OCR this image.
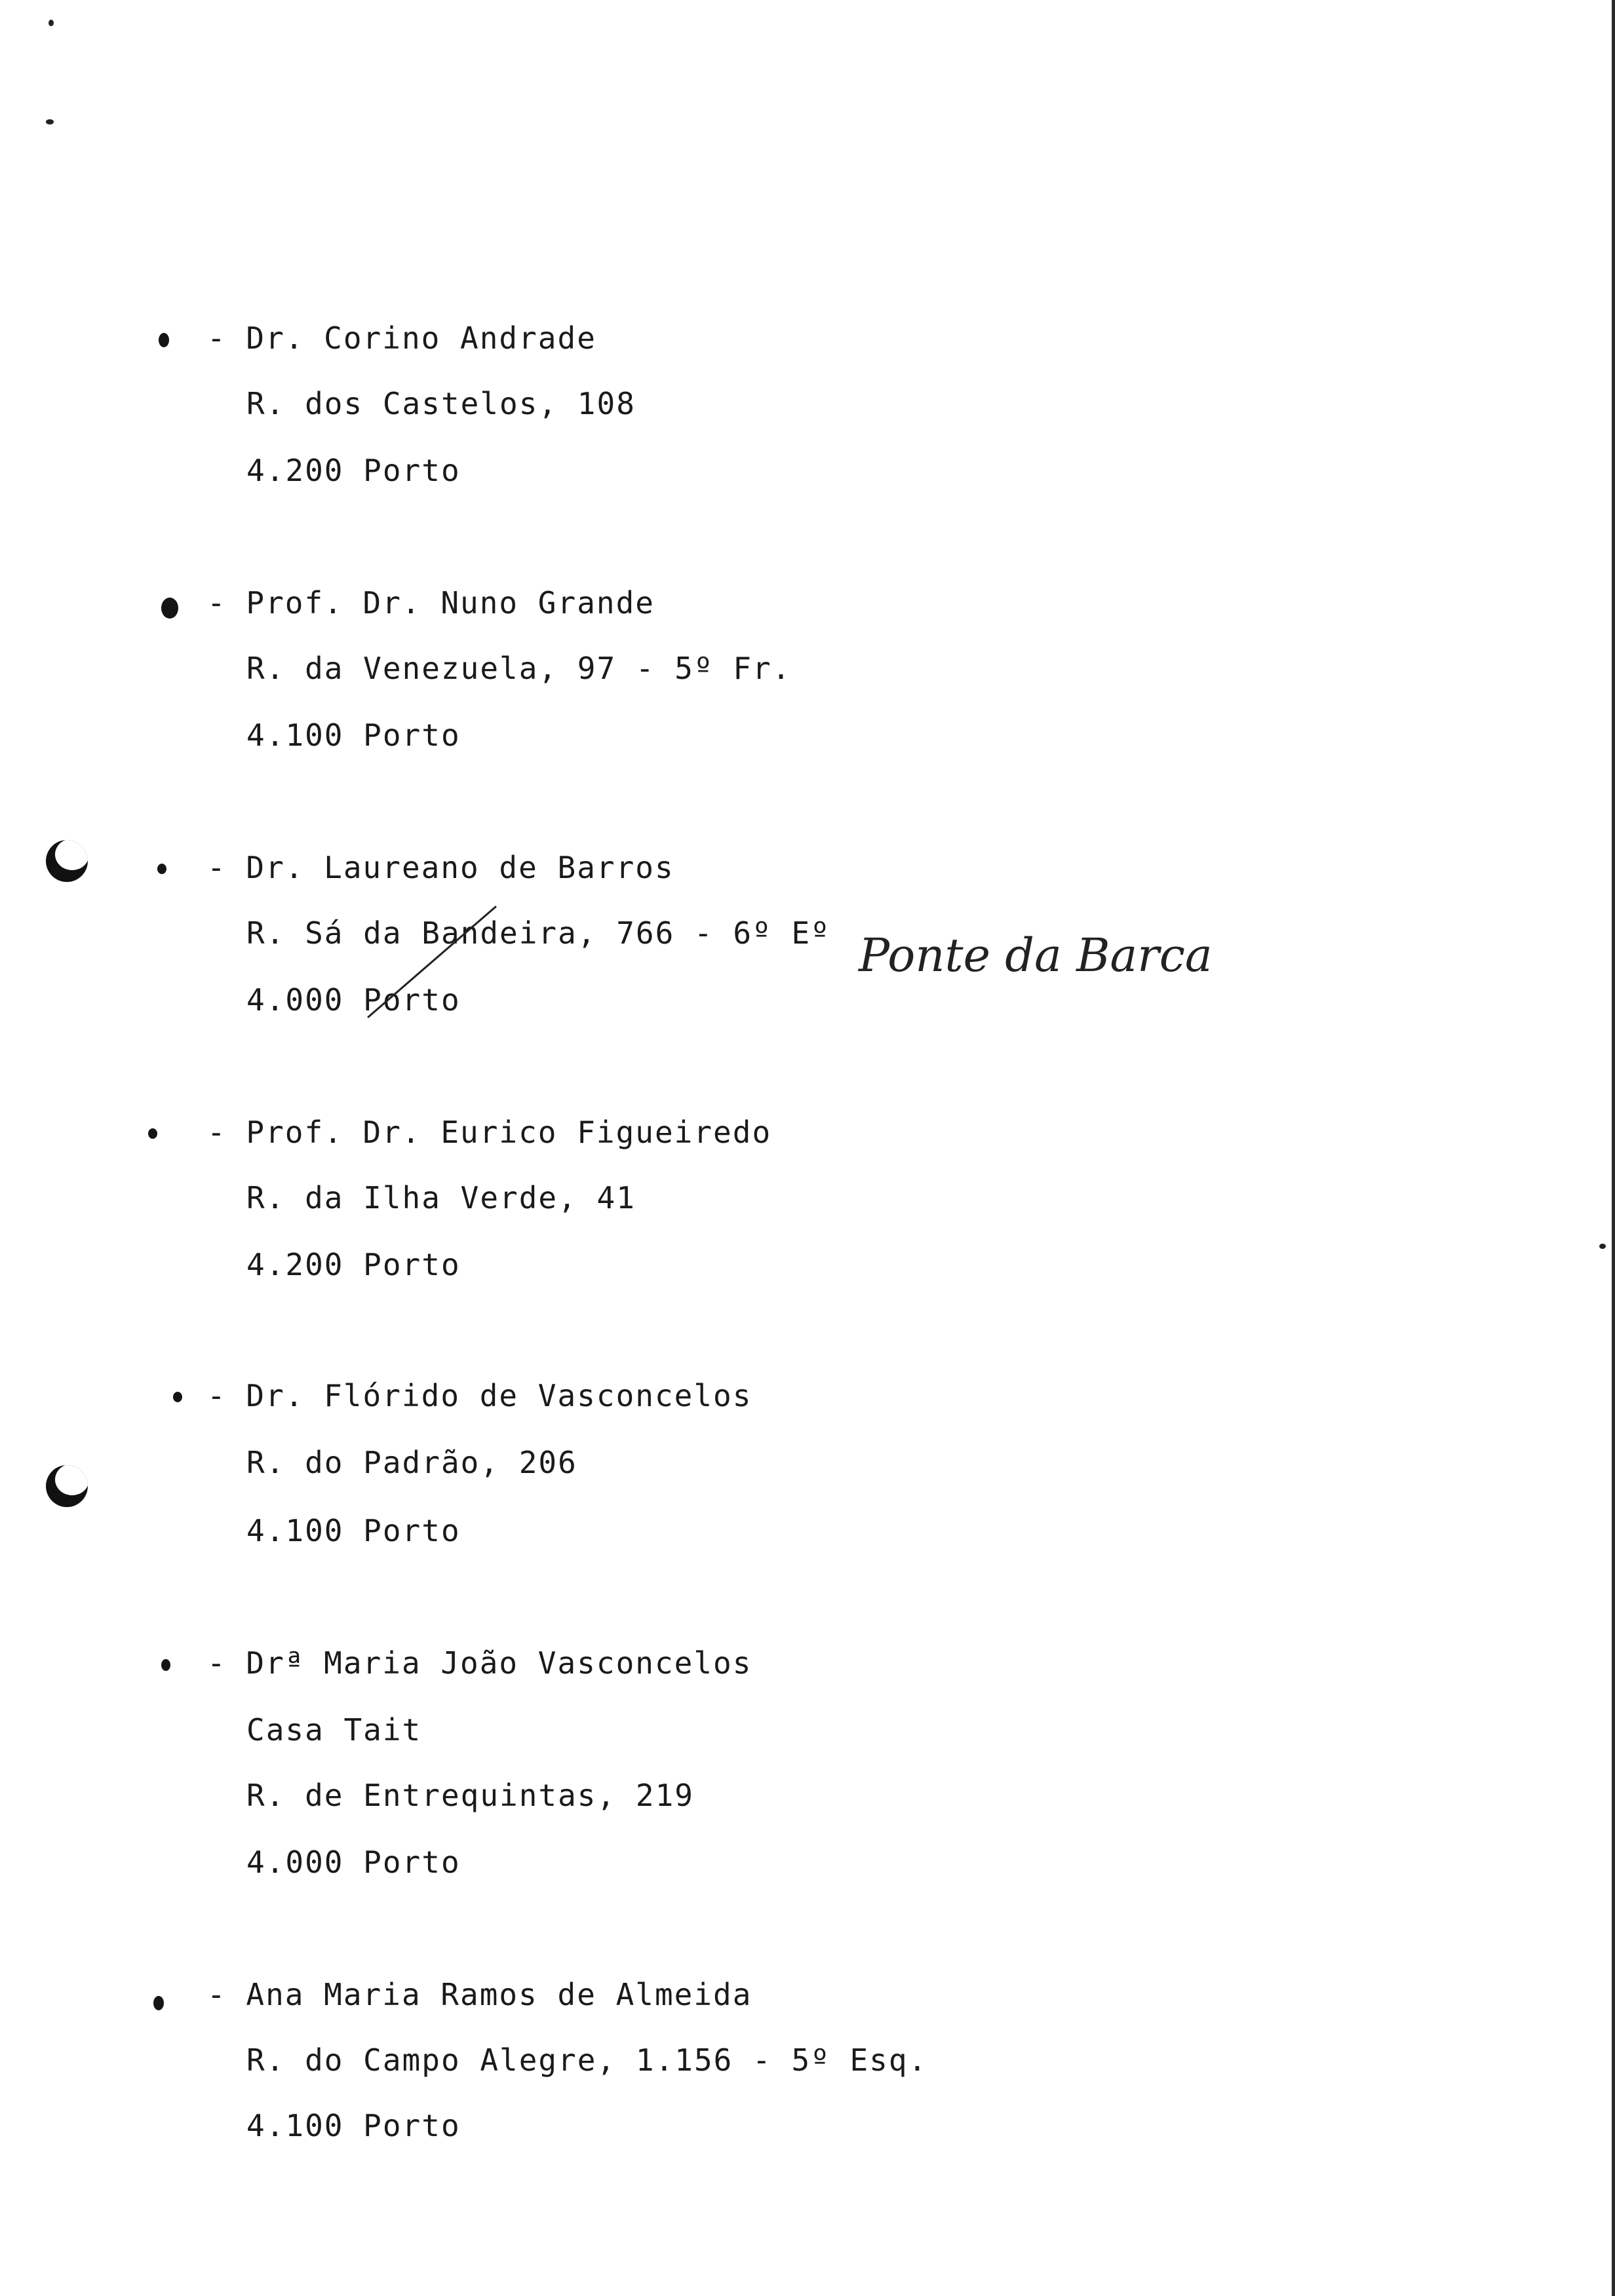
- Dr. Corino Andrade
R. dos Castelos, 108
4.200 Porto
- Prof. Dr. Nuno Grande
R. da Venezuela, 97 - 5º Fr.
4.100 Porto
- Dr. Laureano de Barros
R. Sá da Bandeira, 766 - 6º Eº
4.000 Porto
- Prof. Dr. Eurico Figueiredo
R. da Ilha Verde, 41
4.200 Porto
- Dr. Flórido de Vasconcelos
R. do Padrão, 206
4.100 Porto
- Drª Maria João Vasconcelos
Casa Tait
R. de Entrequintas, 219
4.000 Porto
- Ana Maria Ramos de Almeida
R. do Campo Alegre, 1.156 - 5º Esq.
4.100 Porto
Ponte da Barca
